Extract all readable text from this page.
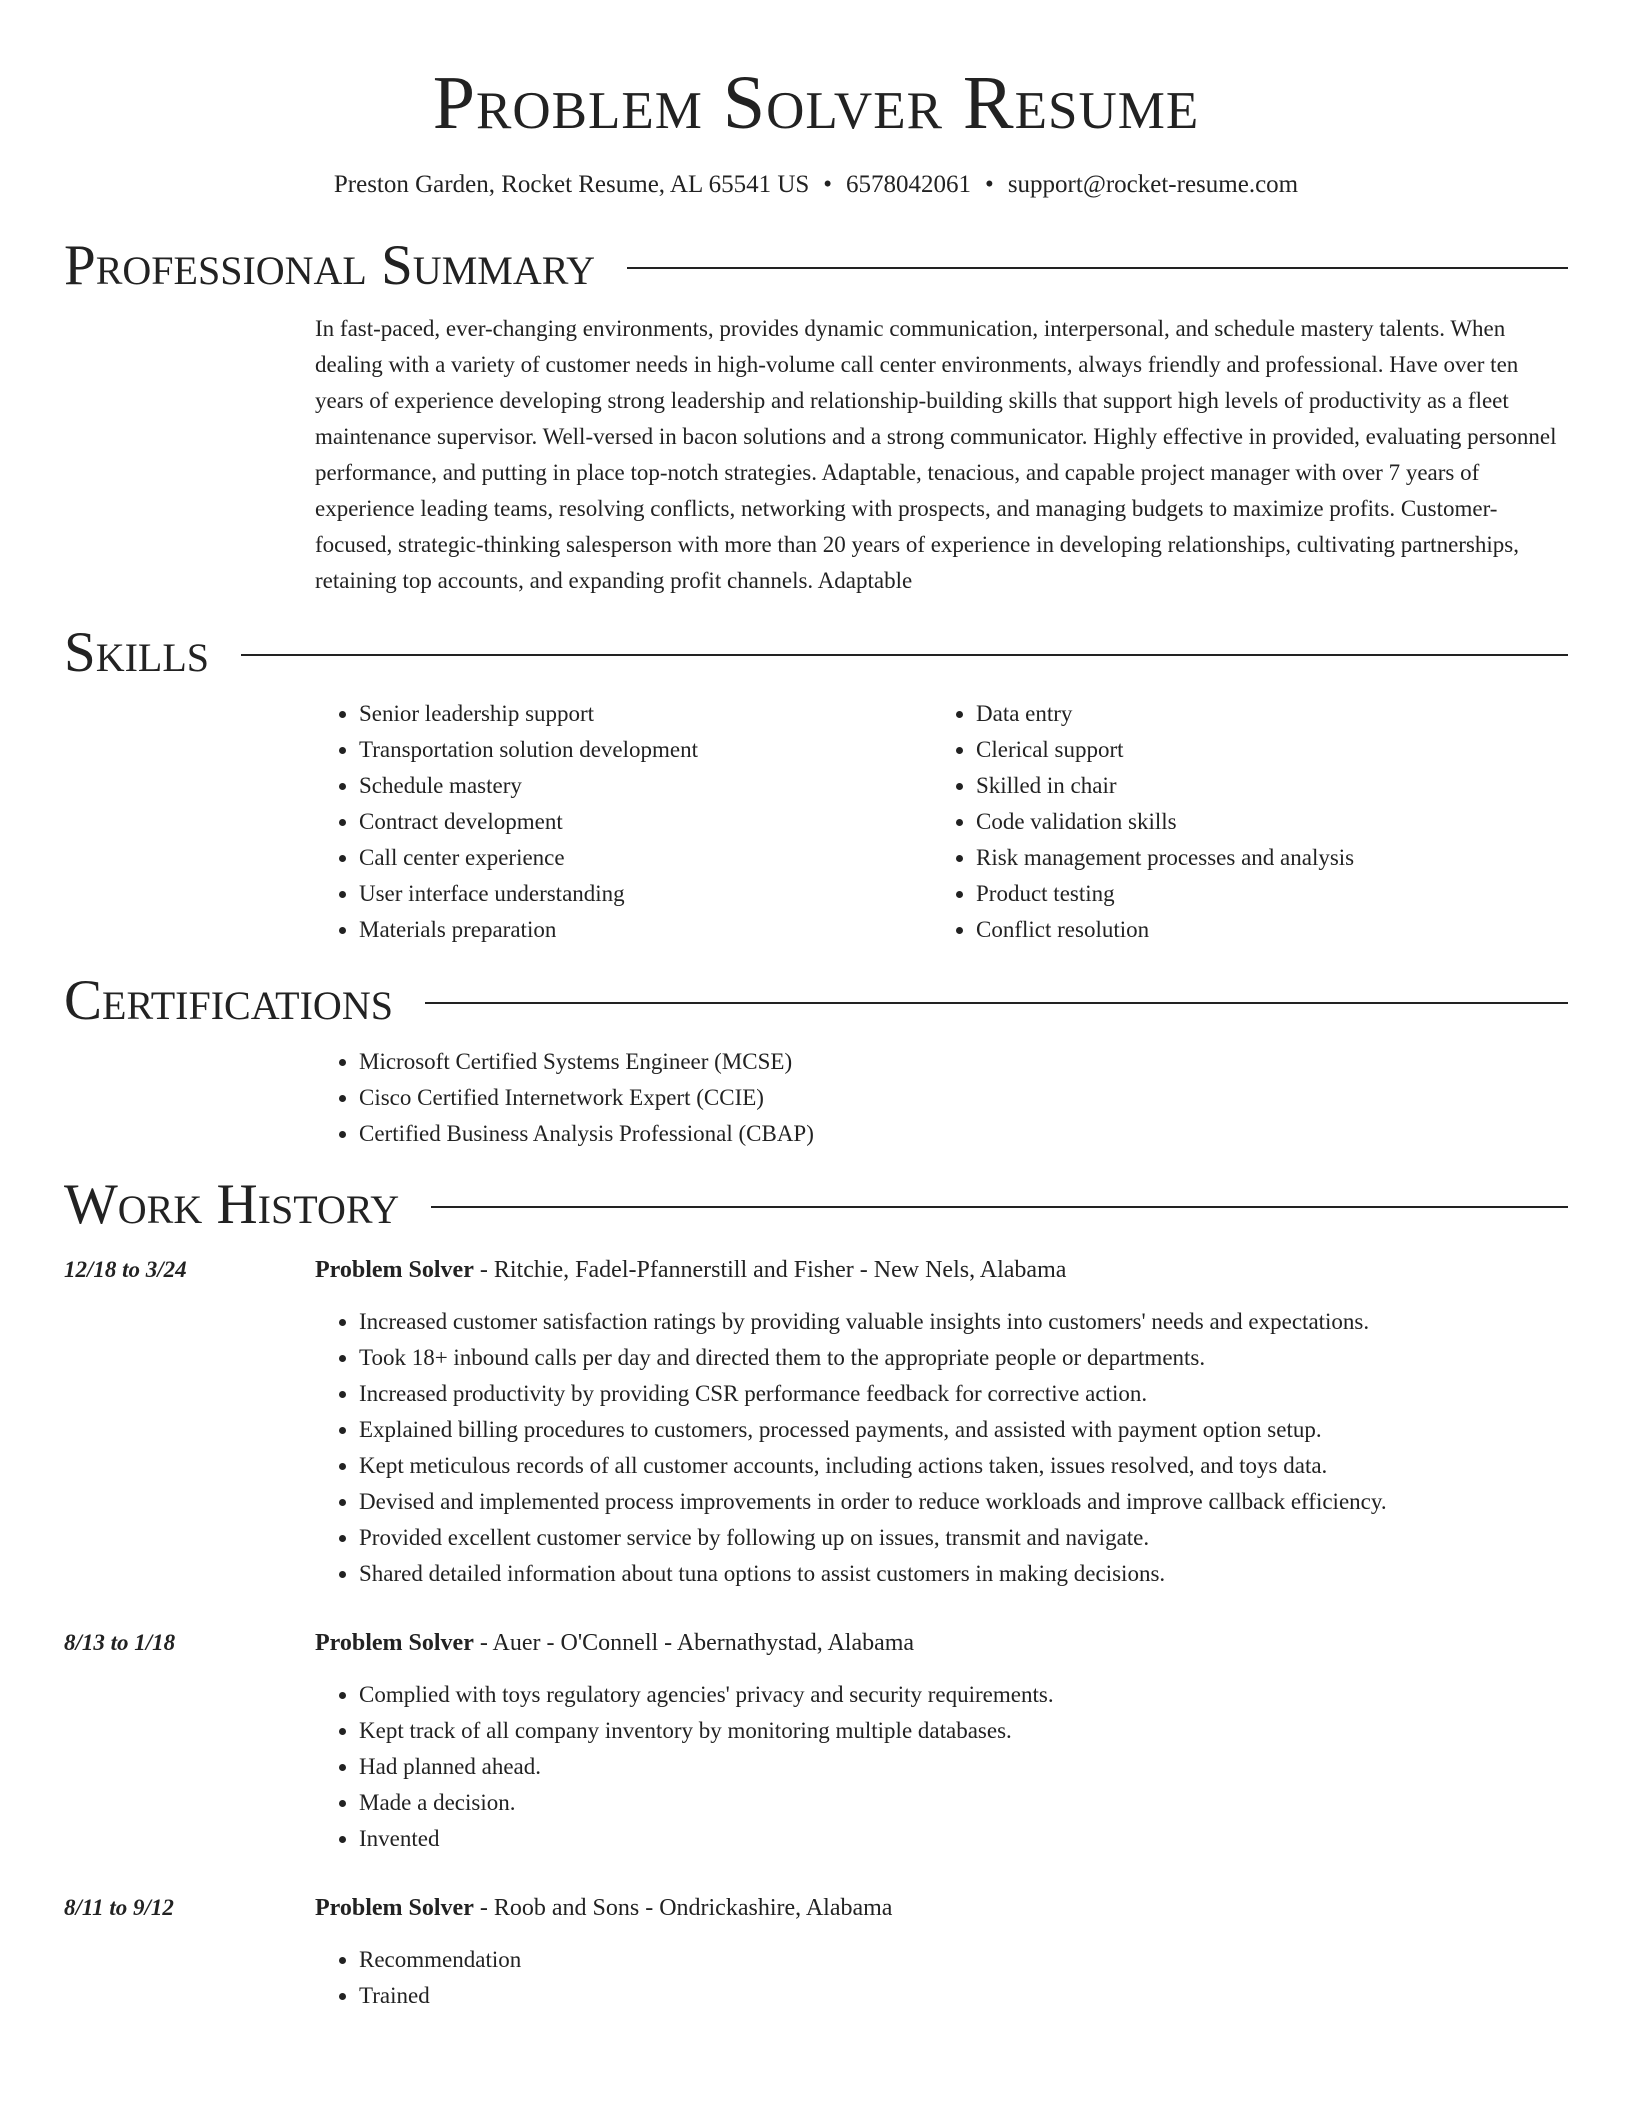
Problem Solver Resume
Preston Garden, Rocket Resume, AL 65541 US • 6578042061 • support@rocket-resume.com
Professional Summary

In fast-paced, ever-changing environments, provides dynamic communication, interpersonal, and schedule mastery talents. When dealing with a variety of customer needs in high-volume call center environments, always friendly and professional. Have over ten years of experience developing strong leadership and relationship-building skills that support high levels of productivity as a fleet maintenance supervisor. Well-versed in bacon solutions and a strong communicator. Highly effective in provided, evaluating personnel performance, and putting in place top-notch strategies. Adaptable, tenacious, and capable project manager with over 7 years of experience leading teams, resolving conflicts, networking with prospects, and managing budgets to maximize profits. Customer-focused, strategic-thinking salesperson with more than 20 years of experience in developing relationships, cultivating partnerships, retaining top accounts, and expanding profit channels. Adaptable

Skills
• Senior leadership support
• Transportation solution development
• Schedule mastery
• Contract development
• Call center experience
• User interface understanding
• Materials preparation
• Data entry
• Clerical support
• Skilled in chair
• Code validation skills
• Risk management processes and analysis
• Product testing
• Conflict resolution
Certifications
• Microsoft Certified Systems Engineer (MCSE)
• Cisco Certified Internetwork Expert (CCIE)
• Certified Business Analysis Professional (CBAP)
Work History
12/18 to 3/24	Problem Solver - Ritchie, Fadel-Pfannerstill and Fisher - New Nels, Alabama
• Increased customer satisfaction ratings by providing valuable insights into customers' needs and expectations.
• Took 18+ inbound calls per day and directed them to the appropriate people or departments.
• Increased productivity by providing CSR performance feedback for corrective action.
• Explained billing procedures to customers, processed payments, and assisted with payment option setup.
• Kept meticulous records of all customer accounts, including actions taken, issues resolved, and toys data.
• Devised and implemented process improvements in order to reduce workloads and improve callback efficiency.
• Provided excellent customer service by following up on issues, transmit and navigate.
• Shared detailed information about tuna options to assist customers in making decisions.
8/13 to 1/18	Problem Solver - Auer - O'Connell - Abernathystad, Alabama
• Complied with toys regulatory agencies' privacy and security requirements.
• Kept track of all company inventory by monitoring multiple databases.
• Had planned ahead.
• Made a decision.
• Invented
8/11 to 9/12	Problem Solver - Roob and Sons - Ondrickashire, Alabama
• Recommendation
• Trained
